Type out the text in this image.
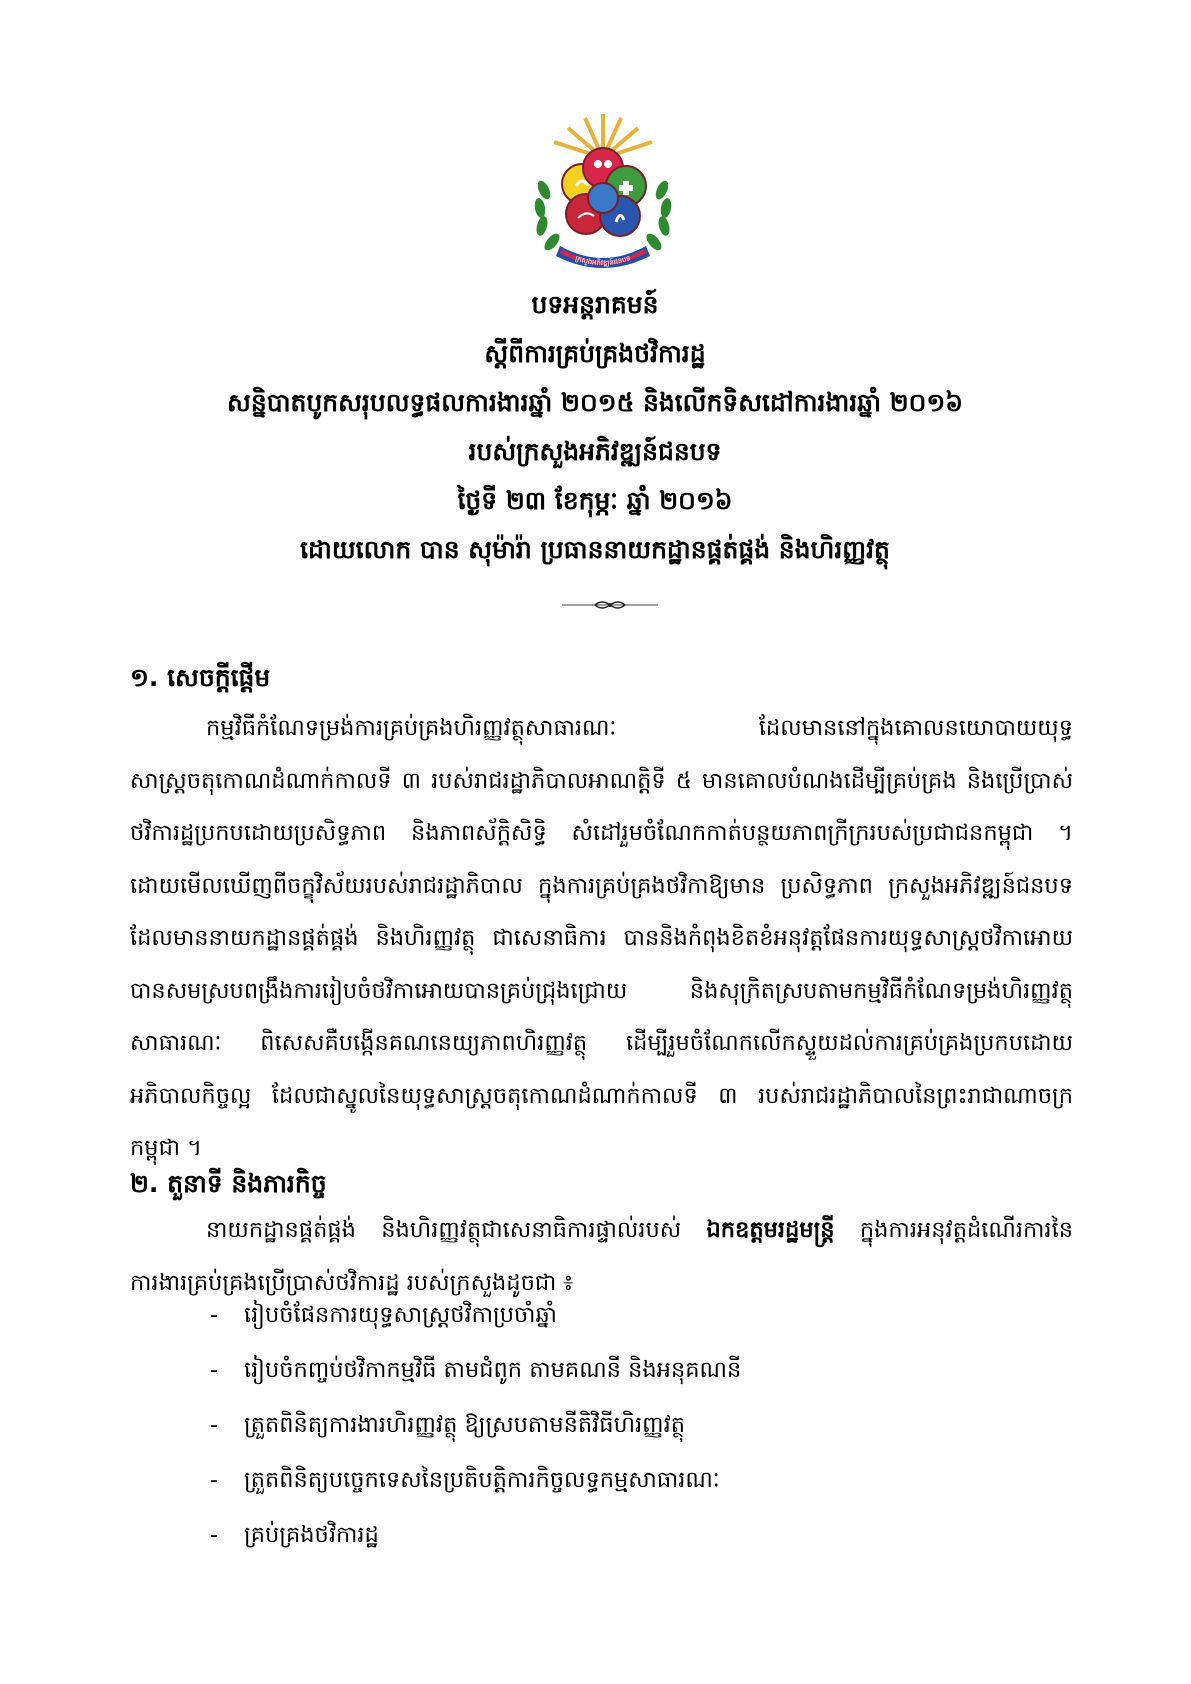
ក្រសួងអភិវឌ្ឍន៍ជនបទ
បទអន្តរាគមន៍
ស្តីពីការគ្រប់គ្រងថវិការដ្ឋ
សន្និបាតបូកសរុបលទ្ធផលការងារឆ្នាំ ២០១៥ និងលើកទិសដៅការងារឆ្នាំ ២០១៦
របស់ក្រសួងអភិវឌ្ឍន៍ជនបទ
ថ្ងៃទី ២៣ ខែកុម្ភៈ ឆ្នាំ ២០១៦
ដោយលោក បាន សុម៉ារ៉ា ប្រធាននាយកដ្ឋានផ្គត់ផ្គង់ និងហិរញ្ញវត្ថុ
១. សេចក្តីផ្តើម

កម្មវិធីកំណែទម្រង់ការគ្រប់គ្រងហិរញ្ញវត្ថុសាធារណៈ ដែលមាននៅក្នុងគោលនយោបាយយុទ្ធសាស្ត្រចតុកោណដំណាក់កាលទី ៣ របស់រាជរដ្ឋាភិបាលអាណត្តិទី ៥ មានគោលបំណងដើម្បីគ្រប់គ្រង និងប្រើប្រាស់ថវិការដ្ឋប្រកបដោយប្រសិទ្ធភាព និងភាពស័ក្តិសិទ្ធិ សំដៅរួមចំណែកកាត់បន្ថយភាពក្រីក្ររបស់ប្រជាជនកម្ពុជា ។ ដោយមើលឃើញពីចក្ខុវិស័យរបស់រាជរដ្ឋាភិបាល ក្នុងការគ្រប់គ្រងថវិកាឱ្យមាន ប្រសិទ្ធភាព ក្រសួងអភិវឌ្ឍន៍ជនបទដែលមាននាយកដ្ឋានផ្គត់ផ្គង់ និងហិរញ្ញវត្ថុ ជាសេនាធិការ បាននិងកំពុងខិតខំអនុវត្តផែនការយុទ្ធសាស្ត្រថវិកាអោយបានសមស្របពង្រឹងការរៀបចំថវិកាអោយបានគ្រប់ជ្រុងជ្រោយ និងសុក្រិតស្របតាមកម្មវិធីកំណែទម្រង់ហិរញ្ញវត្ថុសាធារណៈ ពិសេសគឺបង្កើនគណនេយ្យភាពហិរញ្ញវត្ថុ ដើម្បីរួមចំណែកលើកស្ទួយដល់ការគ្រប់គ្រងប្រកបដោយអភិបាលកិច្ចល្អ ដែលជាស្នូលនៃយុទ្ធសាស្ត្រចតុកោណដំណាក់កាលទី ៣ របស់រាជរដ្ឋាភិបាលនៃព្រះរាជាណាចក្រកម្ពុជា ។

២. តួនាទី និងភារកិច្ច

នាយកដ្ឋានផ្គត់ផ្គង់ និងហិរញ្ញវត្ថុជាសេនាធិការផ្ទាល់របស់ ឯកឧត្តមរដ្ឋមន្ត្រី ក្នុងការអនុវត្តដំណើរការនៃការងារគ្រប់គ្រងប្រើប្រាស់ថវិការដ្ឋ របស់ក្រសួងដូចជា ៖

- រៀបចំផែនការយុទ្ធសាស្ត្រថវិកាប្រចាំឆ្នាំ
- រៀបចំកញ្ចប់ថវិកាកម្មវិធី តាមជំពូក តាមគណនី និងអនុគណនី
- ត្រួតពិនិត្យការងារហិរញ្ញវត្ថុ ឱ្យស្របតាមនីតិវិធីហិរញ្ញវត្ថុ
- ត្រួតពិនិត្យបច្ចេកទេសនៃប្រតិបត្តិការកិច្ចលទ្ធកម្មសាធារណៈ
- គ្រប់គ្រងថវិការដ្ឋ
